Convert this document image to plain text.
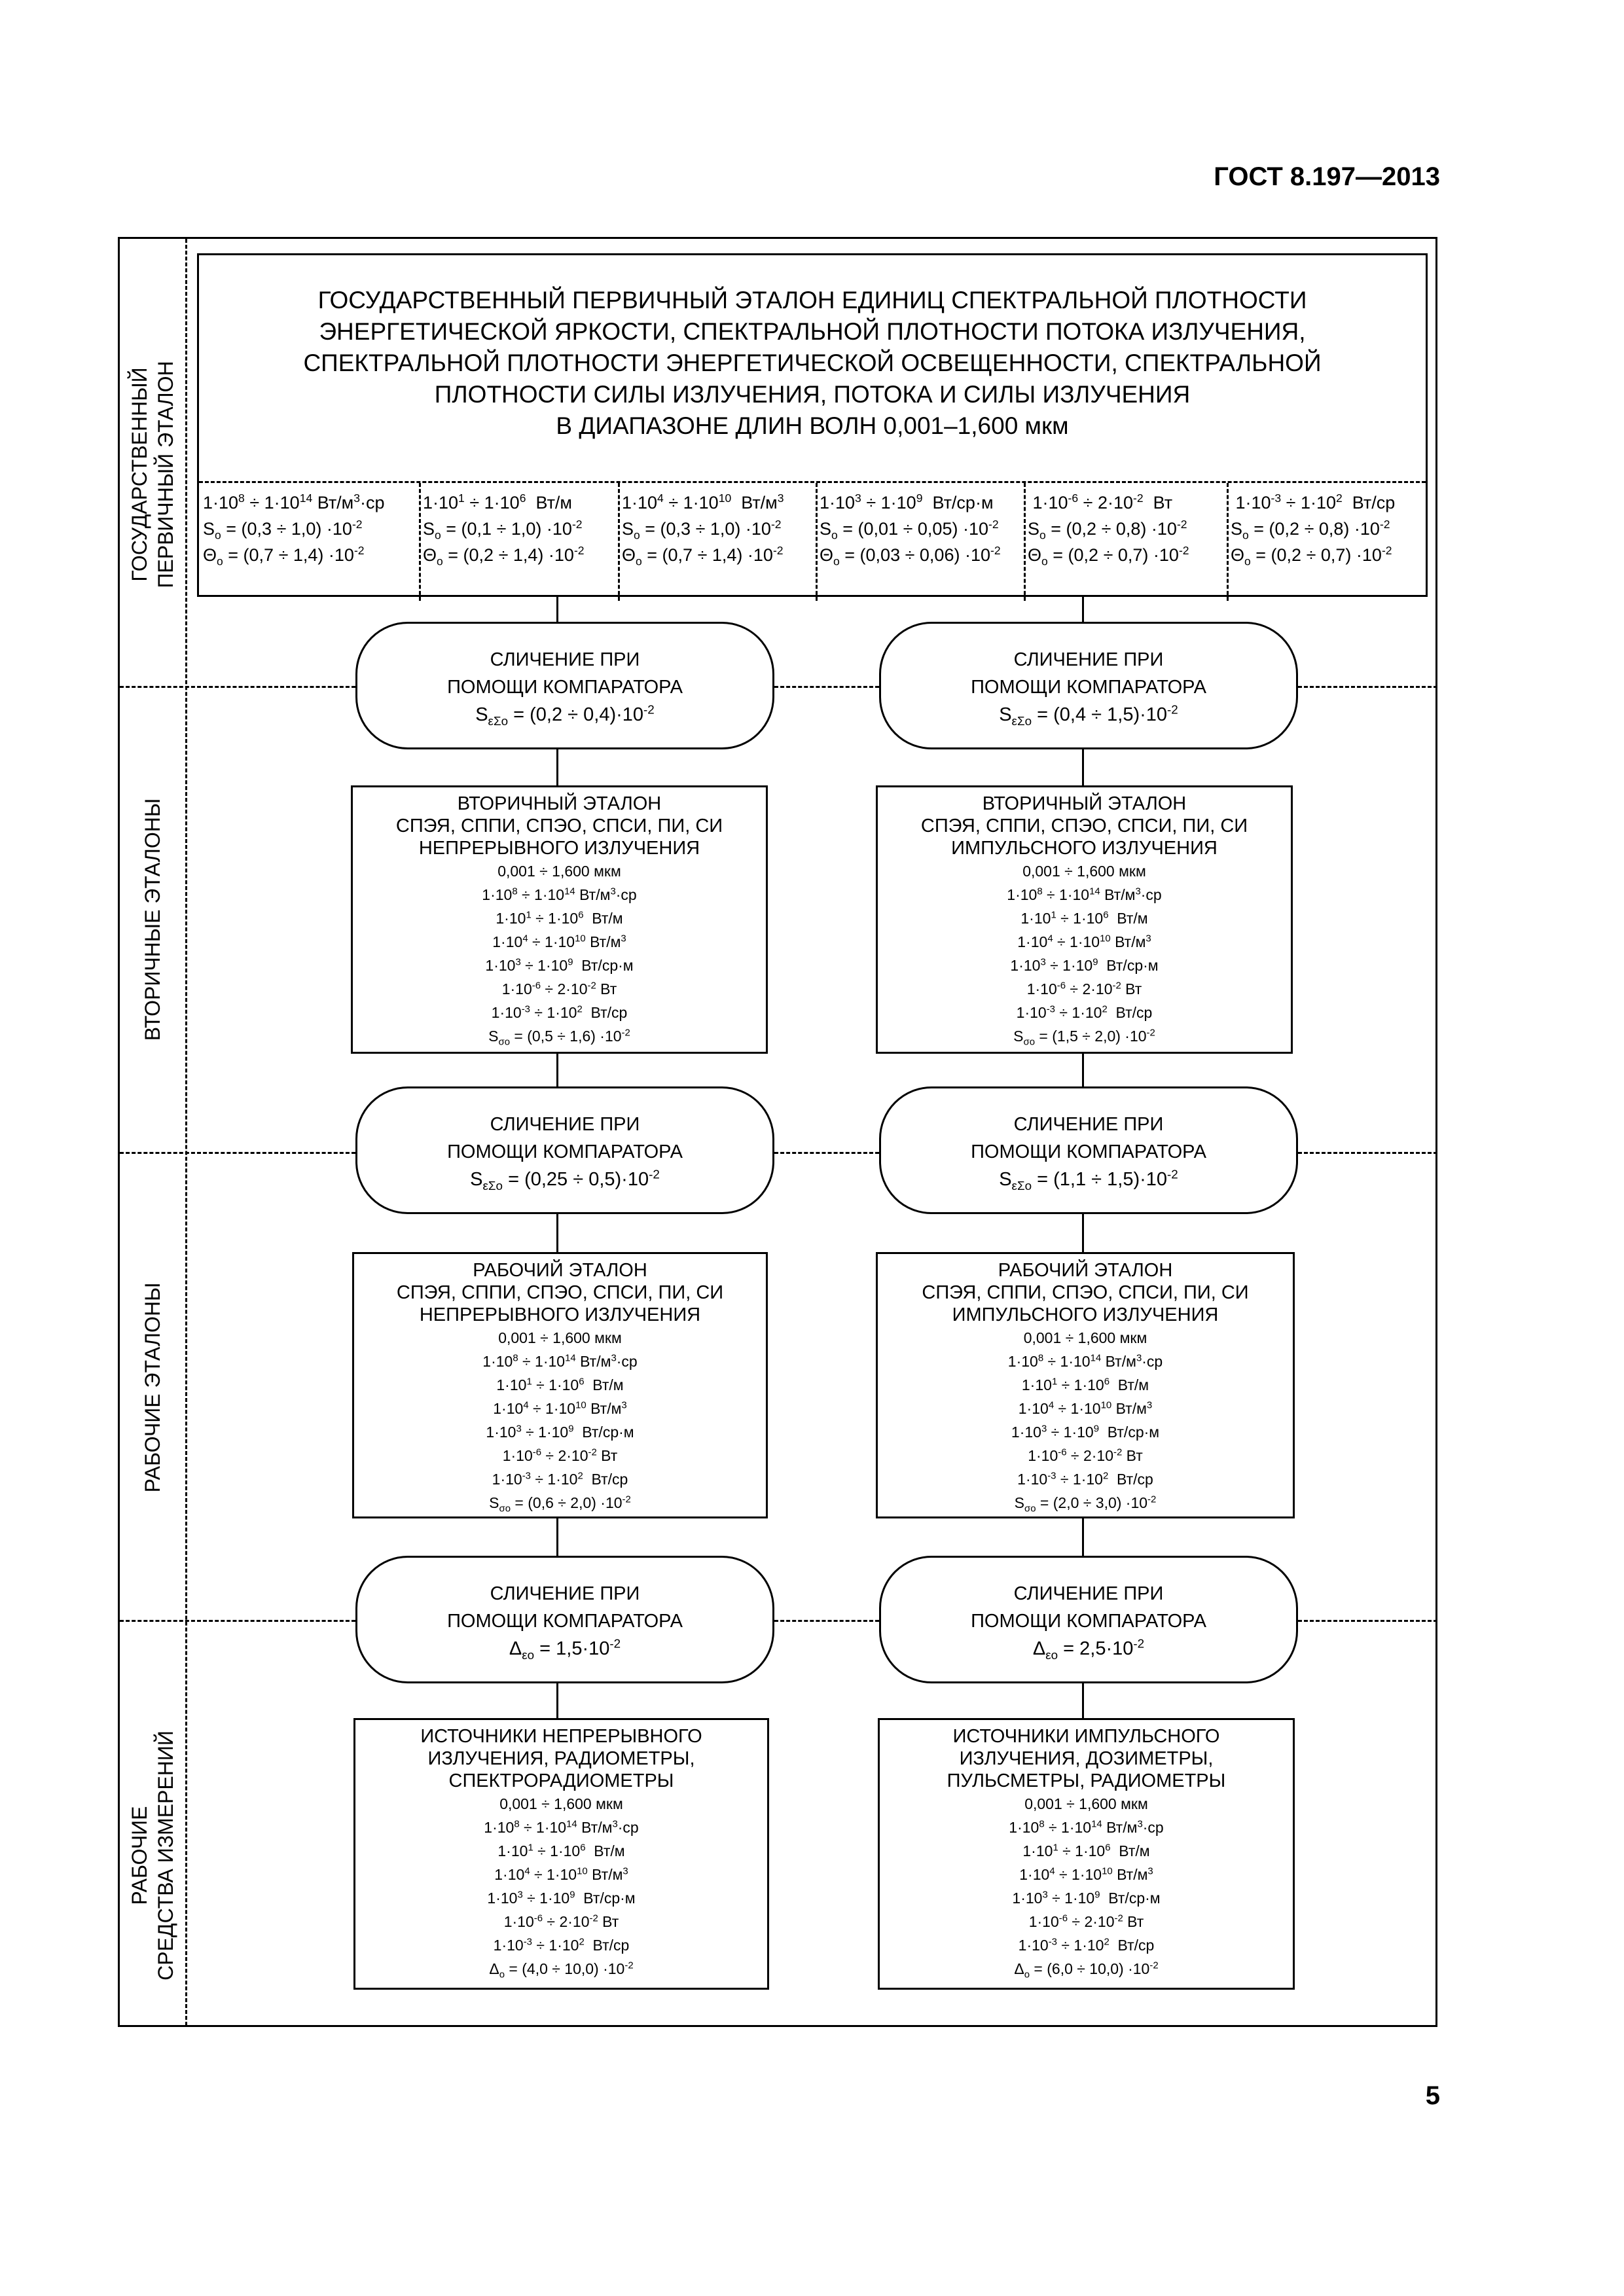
ГОСТ 8.197—2013
ГОСУДАРСТВЕННЫЙ ПЕРВИЧНЫЙ ЭТАЛОН
ВТОРИЧНЫЕ ЭТАЛОНЫ
РАБОЧИЕ ЭТАЛОНЫ
РАБОЧИЕ СРЕДСТВА ИЗМЕРЕНИЙ
ГОСУДАРСТВЕННЫЙ ПЕРВИЧНЫЙ ЭТАЛОН ЕДИНИЦ СПЕКТРАЛЬНОЙ ПЛОТНОСТИ
ЭНЕРГЕТИЧЕСКОЙ ЯРКОСТИ, СПЕКТРАЛЬНОЙ ПЛОТНОСТИ ПОТОКА ИЗЛУЧЕНИЯ,
СПЕКТРАЛЬНОЙ ПЛОТНОСТИ ЭНЕРГЕТИЧЕСКОЙ ОСВЕЩЕННОСТИ, СПЕКТРАЛЬНОЙ
ПЛОТНОСТИ СИЛЫ ИЗЛУЧЕНИЯ, ПОТОКА И СИЛЫ ИЗЛУЧЕНИЯ
В ДИАПАЗОНЕ ДЛИН ВОЛН 0,001–1,600 мкм
$1\cdot 10^8 \div 1\cdot 10^{14}$ $Вт/м^3\cdot ср$
$S_o = (0,3 \div 1,0) \cdot 10^{-2}$
$\Theta_o = (0,7 \div 1,4) \cdot 10^{-2}$
$1\cdot 10^1 \div 1\cdot 10^6$  Вт/м
$S_o = (0,1 \div 1,0) \cdot 10^{-2}$
$\Theta_o = (0,2 \div 1,4) \cdot 10^{-2}$
$1\cdot 10^4 \div 1\cdot 10^{10}$  $Вт/м^3$
$S_o = (0,3 \div 1,0) \cdot 10^{-2}$
$\Theta_o = (0,7 \div 1,4) \cdot 10^{-2}$
$1\cdot 10^3 \div 1\cdot 10^9$  Вт/ср·м
$S_o = (0,01 \div 0,05) \cdot 10^{-2}$
$\Theta_o = (0,03 \div 0,06) \cdot 10^{-2}$
$1\cdot 10^{-6} \div 2\cdot 10^{-2}$  Вт
$S_o = (0,2 \div 0,8) \cdot 10^{-2}$
$\Theta_o = (0,2 \div 0,7) \cdot 10^{-2}$
$1\cdot 10^{-3} \div 1\cdot 10^2$  Вт/ср
$S_o = (0,2 \div 0,8) \cdot 10^{-2}$
$\Theta_o = (0,2 \div 0,7) \cdot 10^{-2}$
СЛИЧЕНИЕ ПРИ
ПОМОЩИ КОМПАРАТОРА
$S_{\varepsilon\Sigma o} = (0,2 \div 0,4)\cdot 10^{-2}$
СЛИЧЕНИЕ ПРИ
ПОМОЩИ КОМПАРАТОРА
$S_{\varepsilon\Sigma o} = (0,4 \div 1,5)\cdot 10^{-2}$
ВТОРИЧНЫЙ ЭТАЛОН
СПЭЯ, СППИ, СПЭО, СПСИ, ПИ, СИ
НЕПРЕРЫВНОГО ИЗЛУЧЕНИЯ
0,001 ÷ 1,600 мкм
$1\cdot 10^8 \div 1\cdot 10^{14}$ $Вт/м^3\cdot ср$
$1\cdot 10^1 \div 1\cdot 10^6$  Вт/м
$1\cdot 10^4 \div 1\cdot 10^{10}$ $Вт/м^3$
$1\cdot 10^3 \div 1\cdot 10^9$  Вт/ср·м
$1\cdot 10^{-6} \div 2\cdot 10^{-2}$ Вт
$1\cdot 10^{-3} \div 1\cdot 10^2$  Вт/ср
$S_{\sigma o} = (0,5 \div 1,6) \cdot 10^{-2}$
ВТОРИЧНЫЙ ЭТАЛОН
СПЭЯ, СППИ, СПЭО, СПСИ, ПИ, СИ
ИМПУЛЬСНОГО ИЗЛУЧЕНИЯ
0,001 ÷ 1,600 мкм
$1\cdot 10^8 \div 1\cdot 10^{14}$ $Вт/м^3\cdot ср$
$1\cdot 10^1 \div 1\cdot 10^6$  Вт/м
$1\cdot 10^4 \div 1\cdot 10^{10}$ $Вт/м^3$
$1\cdot 10^3 \div 1\cdot 10^9$  Вт/ср·м
$1\cdot 10^{-6} \div 2\cdot 10^{-2}$ Вт
$1\cdot 10^{-3} \div 1\cdot 10^2$  Вт/ср
$S_{\sigma o} = (1,5 \div 2,0) \cdot 10^{-2}$
СЛИЧЕНИЕ ПРИ
ПОМОЩИ КОМПАРАТОРА
$S_{\varepsilon\Sigma o} = (0,25 \div 0,5)\cdot 10^{-2}$
СЛИЧЕНИЕ ПРИ
ПОМОЩИ КОМПАРАТОРА
$S_{\varepsilon\Sigma o} = (1,1 \div 1,5)\cdot 10^{-2}$
РАБОЧИЙ ЭТАЛОН
СПЭЯ, СППИ, СПЭО, СПСИ, ПИ, СИ
НЕПРЕРЫВНОГО ИЗЛУЧЕНИЯ
0,001 ÷ 1,600 мкм
$1\cdot 10^8 \div 1\cdot 10^{14}$ $Вт/м^3\cdot ср$
$1\cdot 10^1 \div 1\cdot 10^6$  Вт/м
$1\cdot 10^4 \div 1\cdot 10^{10}$ $Вт/м^3$
$1\cdot 10^3 \div 1\cdot 10^9$  Вт/ср·м
$1\cdot 10^{-6} \div 2\cdot 10^{-2}$ Вт
$1\cdot 10^{-3} \div 1\cdot 10^2$  Вт/ср
$S_{\sigma o} = (0,6 \div 2,0) \cdot 10^{-2}$
РАБОЧИЙ ЭТАЛОН
СПЭЯ, СППИ, СПЭО, СПСИ, ПИ, СИ
ИМПУЛЬСНОГО ИЗЛУЧЕНИЯ
0,001 ÷ 1,600 мкм
$1\cdot 10^8 \div 1\cdot 10^{14}$ $Вт/м^3\cdot ср$
$1\cdot 10^1 \div 1\cdot 10^6$  Вт/м
$1\cdot 10^4 \div 1\cdot 10^{10}$ $Вт/м^3$
$1\cdot 10^3 \div 1\cdot 10^9$  Вт/ср·м
$1\cdot 10^{-6} \div 2\cdot 10^{-2}$ Вт
$1\cdot 10^{-3} \div 1\cdot 10^2$  Вт/ср
$S_{\sigma o} = (2,0 \div 3,0) \cdot 10^{-2}$
СЛИЧЕНИЕ ПРИ
ПОМОЩИ КОМПАРАТОРА
$\Delta_{\varepsilon o} = 1,5\cdot 10^{-2}$
СЛИЧЕНИЕ ПРИ
ПОМОЩИ КОМПАРАТОРА
$\Delta_{\varepsilon o} = 2,5\cdot 10^{-2}$
ИСТОЧНИКИ НЕПРЕРЫВНОГО
ИЗЛУЧЕНИЯ, РАДИОМЕТРЫ,
СПЕКТРОРАДИОМЕТРЫ
0,001 ÷ 1,600 мкм
$1\cdot 10^8 \div 1\cdot 10^{14}$ $Вт/м^3\cdot ср$
$1\cdot 10^1 \div 1\cdot 10^6$  Вт/м
$1\cdot 10^4 \div 1\cdot 10^{10}$ $Вт/м^3$
$1\cdot 10^3 \div 1\cdot 10^9$  Вт/ср·м
$1\cdot 10^{-6} \div 2\cdot 10^{-2}$ Вт
$1\cdot 10^{-3} \div 1\cdot 10^2$  Вт/ср
$\Delta_o = (4,0 \div 10,0) \cdot 10^{-2}$
ИСТОЧНИКИ ИМПУЛЬСНОГО
ИЗЛУЧЕНИЯ, ДОЗИМЕТРЫ,
ПУЛЬСМЕТРЫ, РАДИОМЕТРЫ
0,001 ÷ 1,600 мкм
$1\cdot 10^8 \div 1\cdot 10^{14}$ $Вт/м^3\cdot ср$
$1\cdot 10^1 \div 1\cdot 10^6$  Вт/м
$1\cdot 10^4 \div 1\cdot 10^{10}$ $Вт/м^3$
$1\cdot 10^3 \div 1\cdot 10^9$  Вт/ср·м
$1\cdot 10^{-6} \div 2\cdot 10^{-2}$ Вт
$1\cdot 10^{-3} \div 1\cdot 10^2$  Вт/ср
$\Delta_o = (6,0 \div 10,0) \cdot 10^{-2}$
5
